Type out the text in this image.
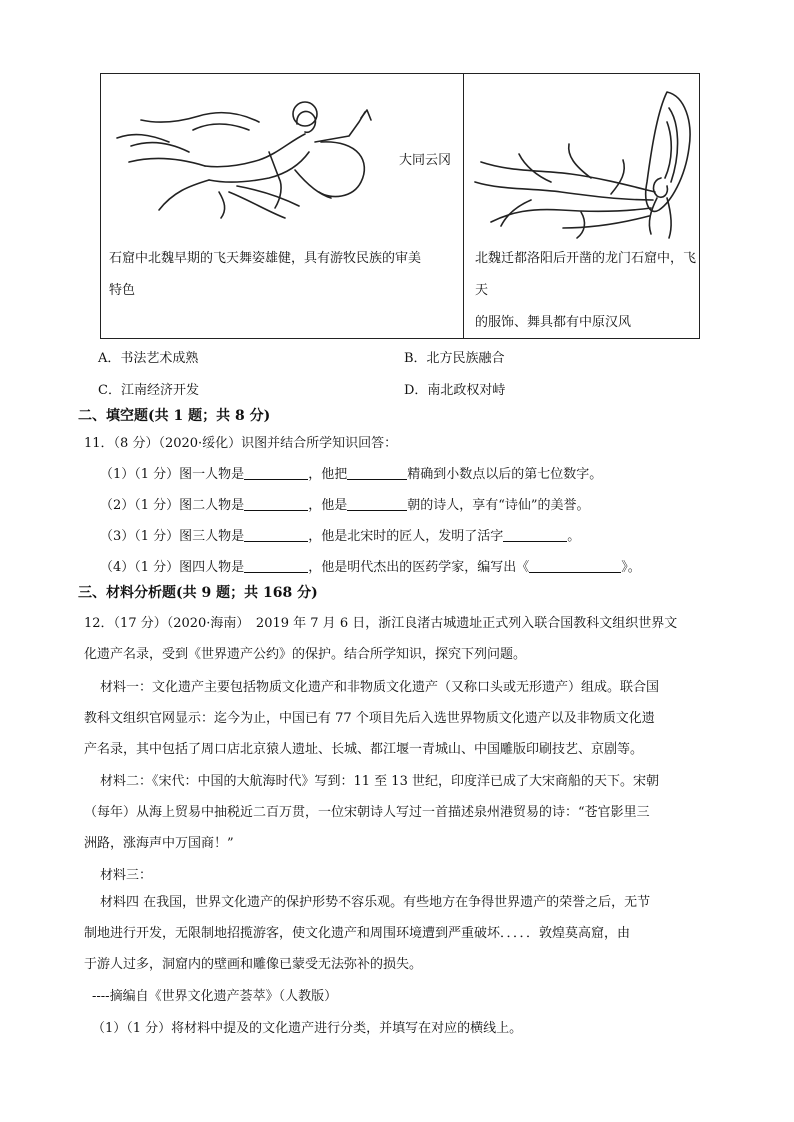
大同云冈
石窟中北魏早期的飞天舞姿雄健，具有游牧民族的审美
特色
北魏迁都洛阳后开凿的龙门石窟中，飞
天
的服饰、舞具都有中原汉风
A．书法艺术成熟	B．北方民族融合
C．江南经济开发	D．南北政权对峙
二、填空题(共 1 题；共 8 分)
11．（8 分）（2020·绥化）识图并结合所学知识回答：
（1）（1 分）图一人物是	，他把	精确到小数点以后的第七位数字。
（2）（1 分）图二人物是	，他是	朝的诗人，享有“诗仙”的美誉。
（3）（1 分）图三人物是	，他是北宋时的匠人，发明了活字	。
（4）（1 分）图四人物是	，他是明代杰出的医药学家，编写出《	》。
三、材料分析题(共 9 题；共 168 分)
12．（17 分）（2020·海南）　2019 年 7 月 6 日，浙江良渚古城遗址正式列入联合国教科文组织世界文
化遗产名录，受到《世界遗产公约》的保护。结合所学知识，探究下列问题。
材料一：文化遗产主要包括物质文化遗产和非物质文化遗产（又称口头或无形遗产）组成。联合国
教科文组织官网显示：迄今为止，中国已有 77 个项目先后入选世界物质文化遗产以及非物质文化遗
产名录，其中包括了周口店北京猿人遗址、长城、都江堰一青城山、中国雕版印刷技艺、京剧等。
材料二：《宋代：中国的大航海时代》写到：11 至 13 世纪，印度洋已成了大宋商船的天下。宋朝
（每年）从海上贸易中抽税近二百万贯，一位宋朝诗人写过一首描述泉州港贸易的诗：“苍官影里三
洲路，涨海声中万国商！”
材料三：
材料四 在我国，世界文化遗产的保护形势不容乐观。有些地方在争得世界遗产的荣誉之后，无节
制地进行开发，无限制地招揽游客，使文化遗产和周围环境遭到严重破坏．．．．．敦煌莫高窟，由
于游人过多，洞窟内的壁画和雕像已蒙受无法弥补的损失。
----摘编自《世界文化遗产荟萃》（人教版）
（1）（1 分）将材料中提及的文化遗产进行分类，并填写在对应的横线上。
